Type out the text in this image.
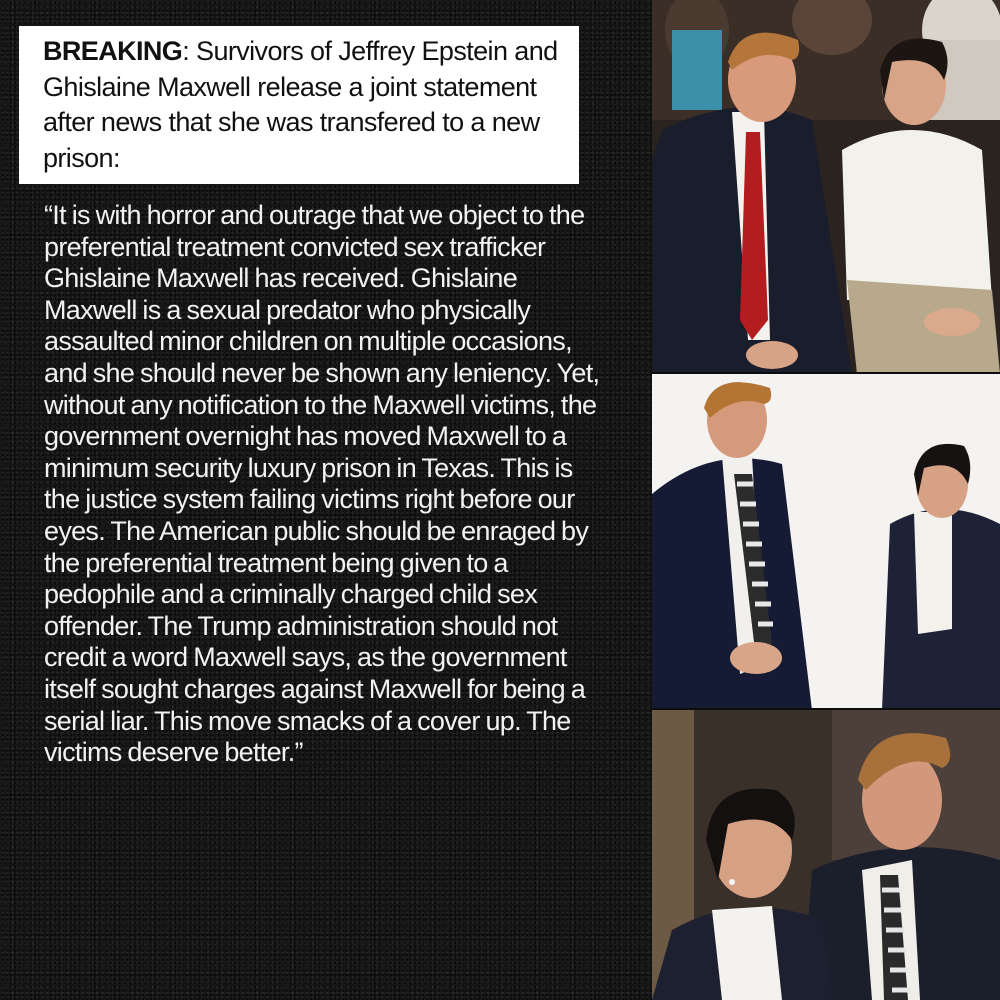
BREAKING: Survivors of Jeffrey Epstein and Ghislaine Maxwell release a joint statement after news that she was transfered to a new prison:
“It is with horror and outrage that we object to the preferential treatment convicted sex trafficker Ghislaine Maxwell has received. Ghislaine Maxwell is a sexual predator who physically assaulted minor children on multiple occasions, and she should never be shown any leniency. Yet, without any notification to the Maxwell victims, the government overnight has moved Maxwell to a minimum security luxury prison in Texas. This is the justice system failing victims right before our eyes. The American public should be enraged by the preferential treatment being given to a pedophile and a criminally charged child sex offender. The Trump administration should not credit a word Maxwell says, as the government itself sought charges against Maxwell for being a serial liar. This move smacks of a cover up. The victims deserve better.”
